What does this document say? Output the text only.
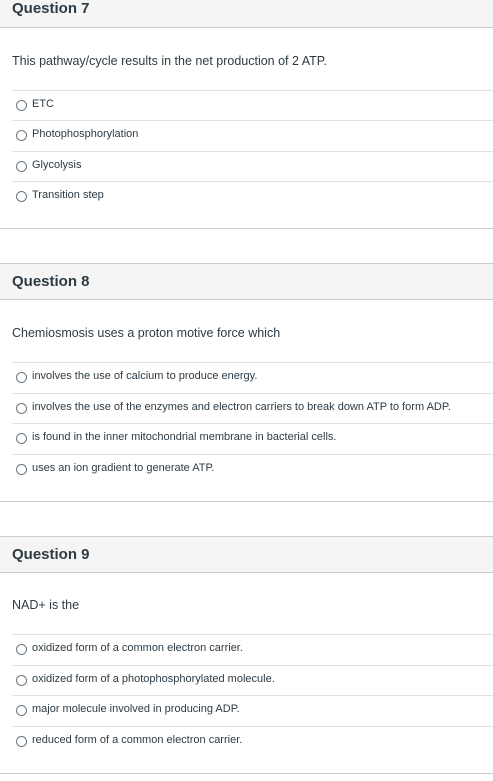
Question 7
This pathway/cycle results in the net production of 2 ATP.
ETC
Photophosphorylation
Glycolysis
Transition step
Question 8
Chemiosmosis uses a proton motive force which
involves the use of calcium to produce energy.
involves the use of the enzymes and electron carriers to break down ATP to form ADP.
is found in the inner mitochondrial membrane in bacterial cells.
uses an ion gradient to generate ATP.
Question 9
NAD+ is the
oxidized form of a common electron carrier.
oxidized form of a photophosphorylated molecule.
major molecule involved in producing ADP.
reduced form of a common electron carrier.
